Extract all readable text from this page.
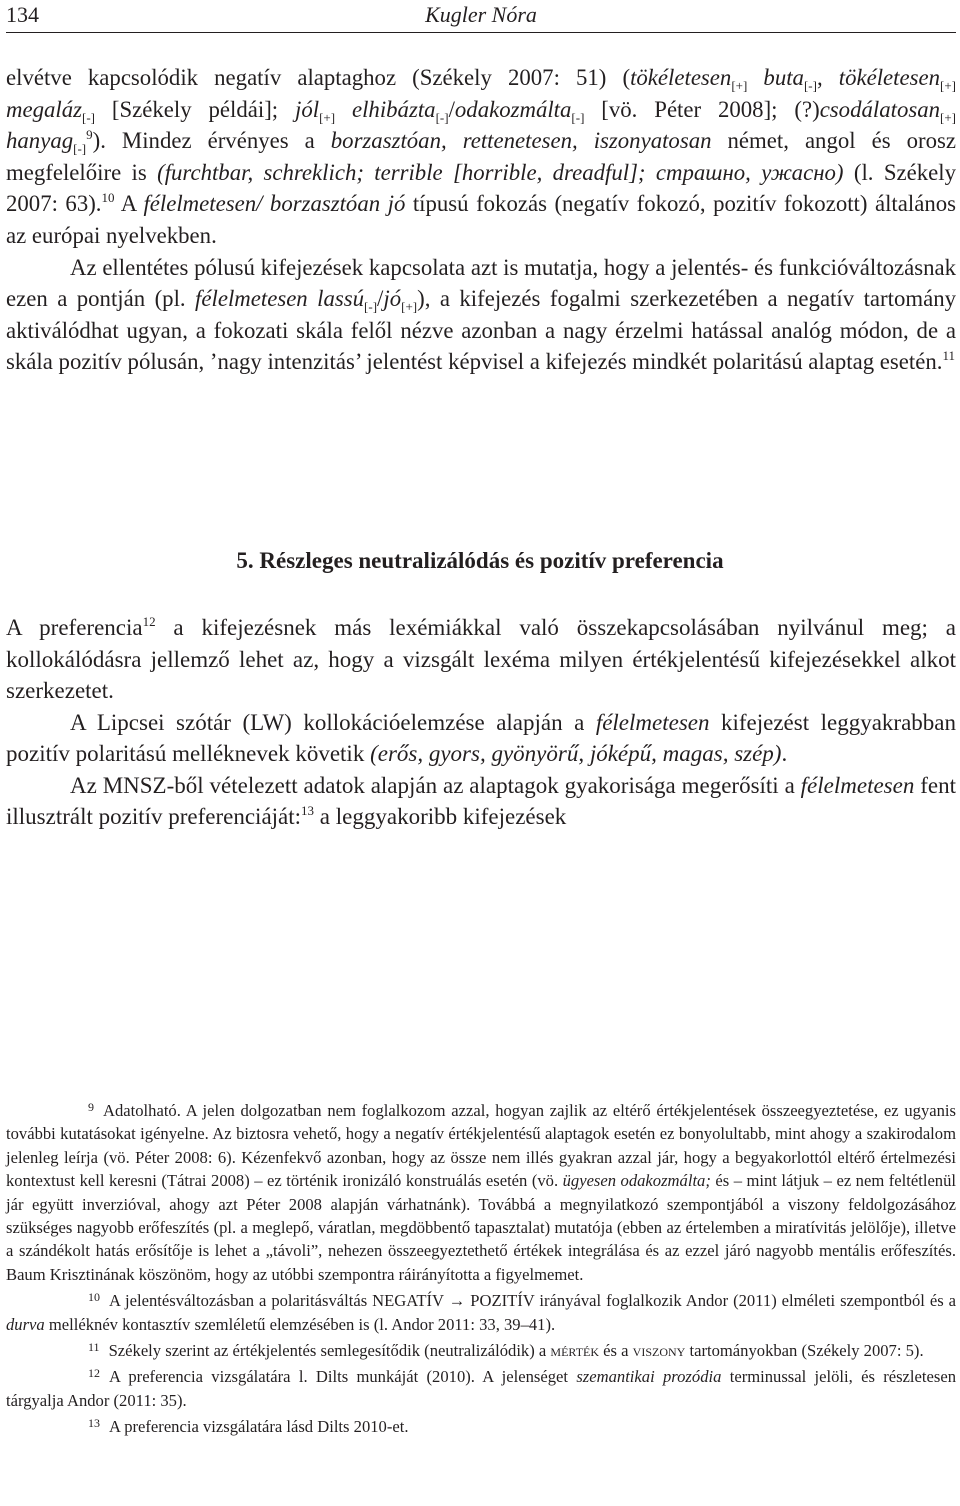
134	Kugler Nóra

elvétve kapcsolódik negatív alaptaghoz (Székely 2007: 51) (tökéletesen$_{[+]}$ buta$_{[-]}$, tökéletesen$_{[+]}$ megaláz$_{[-]}$ [Székely példái]; jól$_{[+]}$ elhibázta$_{[-]}$/odakozmálta$_{[-]}$ [vö. Péter 2008]; (?)csodálatosan$_{[+]}$ hanyag$_{[-]}^9$). Mindez érvényes a borzasztóan, rettenetesen, iszonyatosan német, angol és orosz megfelelőire is (furchtbar, schreklich; terrible [horrible, dreadful]; страшно, ужасно) (l. Székely 2007: 63).$^{10}$ A félelmetesen/ borzasztóan jó típusú fokozás (negatív fokozó, pozitív fokozott) általános az európai nyelvekben.

Az ellentétes pólusú kifejezések kapcsolata azt is mutatja, hogy a jelentés- és funkcióváltozásnak ezen a pontján (pl. félelmetesen $lassú_{[-]}/jó_{[+]}$), a kifejezés fogalmi szerkezetében a negatív tartomány aktiválódhat ugyan, a fokozati skála felől nézve azonban a nagy érzelmi hatással analóg módon, de a skála pozitív pólusán, ’nagy intenzitás’ jelentést képvisel a kifejezés mindkét polaritású alaptag esetén.$^{11}$

5. Részleges neutralizálódás és pozitív preferencia

A preferencia$^{12}$ a kifejezésnek más lexémiákkal való összekapcsolásában nyilvánul meg; a kollokálódásra jellemző lehet az, hogy a vizsgált lexéma milyen értékjelentésű kifejezésekkel alkot szerkezetet.

A Lipcsei szótár (LW) kollokációelemzése alapján a félelmetesen kifejezést leggyakrabban pozitív polaritású melléknevek követik (erős, gyors, gyönyörű, jóképű, magas, szép).

Az MNSZ-ből vételezett adatok alapján az alaptagok gyakorisága megerősíti a félelmetesen fent illusztrált pozitív preferenciáját:$^{13}$ a leggyakoribb kifejezések

$^9$ Adatolható. A jelen dolgozatban nem foglalkozom azzal, hogyan zajlik az eltérő értékjelentések összeegyeztetése, ez ugyanis további kutatásokat igényelne. Az biztosra vehető, hogy a negatív értékjelentésű alaptagok esetén ez bonyolultabb, mint ahogy a szakirodalom jelenleg leírja (vö. Péter 2008: 6). Kézenfekvő azonban, hogy az össze nem illés gyakran azzal jár, hogy a begyakorlottól eltérő értelmezési kontextust kell keresni (Tátrai 2008) – ez történik ironizáló konstruálás esetén (vö. ügyesen odakozmálta; és – mint látjuk – ez nem feltétlenül jár együtt inverzióval, ahogy azt Péter 2008 alapján várhatnánk). Továbbá a megnyilatkozó szempontjából a viszony feldolgozásához szükséges nagyobb erőfeszítés (pl. a meglepő, váratlan, megdöbbentő tapasztalat) mutatója (ebben az értelemben a miratívitás jelölője), illetve a szándékolt hatás erősítője is lehet a „távoli”, nehezen összeegyeztethető értékek integrálása és az ezzel járó nagyobb mentális erőfeszítés. Baum Krisztinának köszönöm, hogy az utóbbi szempontra ráirányította a figyelmemet.

$^{10}$ A jelentésváltozásban a polaritásváltás NEGATÍV → POZITÍV irányával foglalkozik Andor (2011) elméleti szempontból és a durva melléknév kontasztív szemléletű elemzésében is (l. Andor 2011: 33, 39–41).

$^{11}$ Székely szerint az értékjelentés semlegesítődik (neutralizálódik) a mérték és a viszony tartományokban (Székely 2007: 5).

$^{12}$ A preferencia vizsgálatára l. Dilts munkáját (2010). A jelenséget szemantikai prozódia terminussal jelöli, és részletesen tárgyalja Andor (2011: 35).

$^{13}$ A preferencia vizsgálatára lásd Dilts 2010-et.
